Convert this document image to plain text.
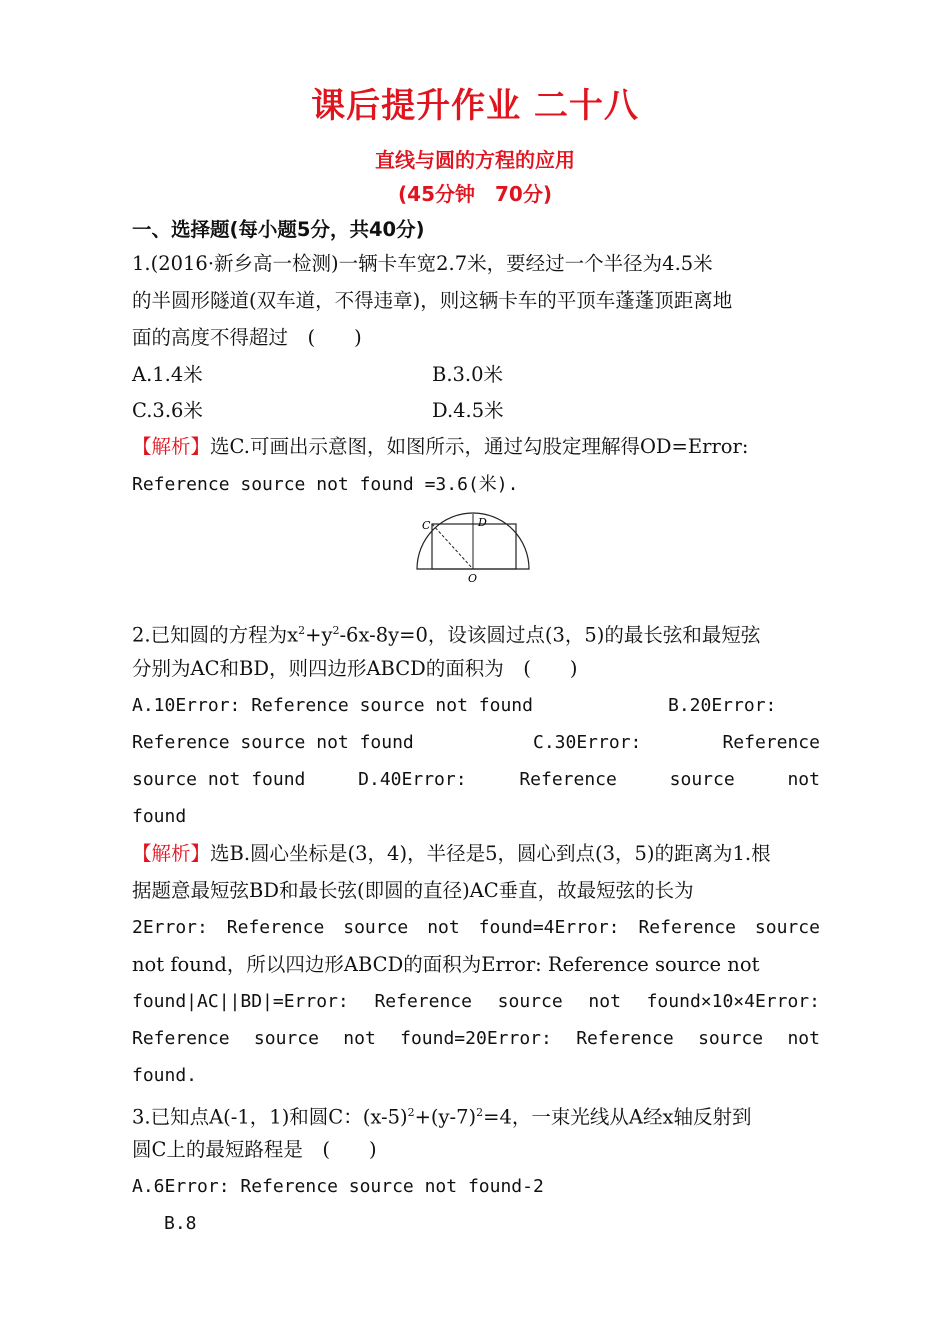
课后提升作业 二十八
直线与圆的方程的应用
(45分钟　70分)
一、选择题(每小题5分，共40分)
1.(2016·新乡高一检测)一辆卡车宽2.7米，要经过一个半径为4.5米
的半圆形隧道(双车道，不得违章)，则这辆卡车的平顶车蓬蓬顶距离地
面的高度不得超过　(　　)
A.1.4米	B.3.0米
C.3.6米	D.4.5米
【解析】选C.可画出示意图，如图所示，通过勾股定理解得OD=Error:
Reference source not found =3.6(米).
C	D
O
2.已知圆的方程为$x^2+y^2-6x-8y=0$，设该圆过点(3，5)的最长弦和最短弦
分别为AC和BD，则四边形ABCD的面积为　(　　)
A.10Error: Reference source not found	B.20Error:
Reference source not found	C.30Error:	Reference
source not found	D.40Error:	Reference	source	not
found
【解析】选B.圆心坐标是(3，4)，半径是5，圆心到点(3，5)的距离为1.根
据题意最短弦BD和最长弦(即圆的直径)AC垂直，故最短弦的长为
2Error: Reference source not found=4Error: Reference source
not found，所以四边形ABCD的面积为Error: Reference source not
found|AC||BD|=Error: Reference source not found×10×4Error:
Reference source not found=20Error: Reference source not
found.
3.已知点A(-1，1)和圆C：$(x-5)^2+(y-7)^2=4$，一束光线从A经x轴反射到
圆C上的最短路程是　(　　)
A.6Error: Reference source not found-2
B.8
